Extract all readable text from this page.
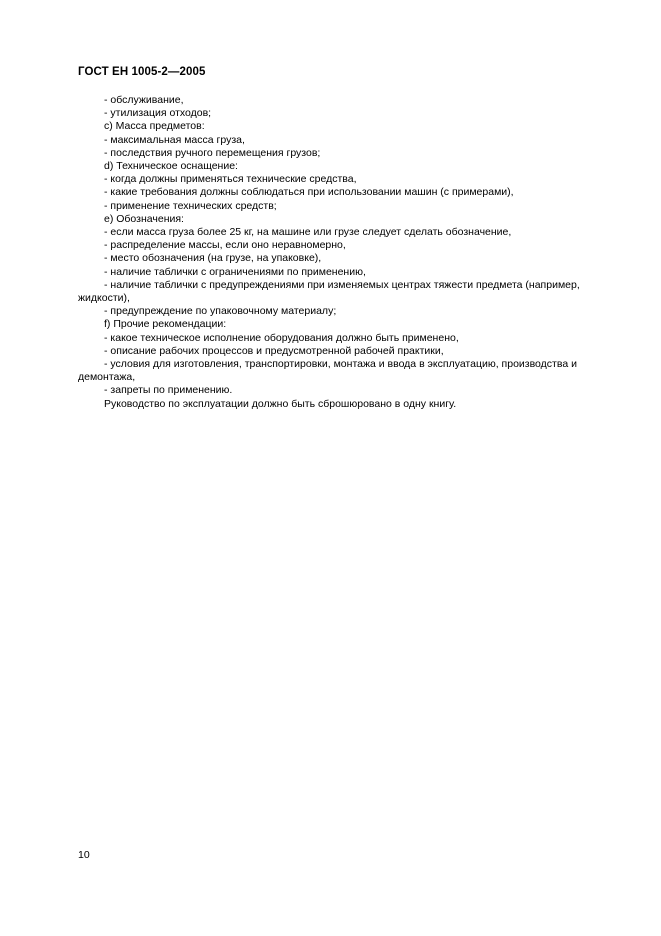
ГОСТ ЕН 1005-2—2005
- обслуживание,
- утилизация отходов;
c) Масса предметов:
- максимальная масса груза,
- последствия ручного перемещения грузов;
d) Техническое оснащение:
- когда должны применяться технические средства,
- какие требования должны соблюдаться при использовании машин (с примерами),
- применение технических средств;
e) Обозначения:
- если масса груза более 25 кг, на машине или грузе следует сделать обозначение,
- распределение массы, если оно неравномерно,
- место обозначения (на грузе, на упаковке),
- наличие таблички с ограничениями по применению,
- наличие таблички с предупреждениями при изменяемых центрах тяжести предмета (например, жидкости),
- предупреждение по упаковочному материалу;
f) Прочие рекомендации:
- какое техническое исполнение оборудования должно быть применено,
- описание рабочих процессов и предусмотренной рабочей практики,
- условия для изготовления, транспортировки, монтажа и ввода в эксплуатацию, производства и демонтажа,
- запреты по применению.
Руководство по эксплуатации должно быть сброшюровано в одну книгу.
10
